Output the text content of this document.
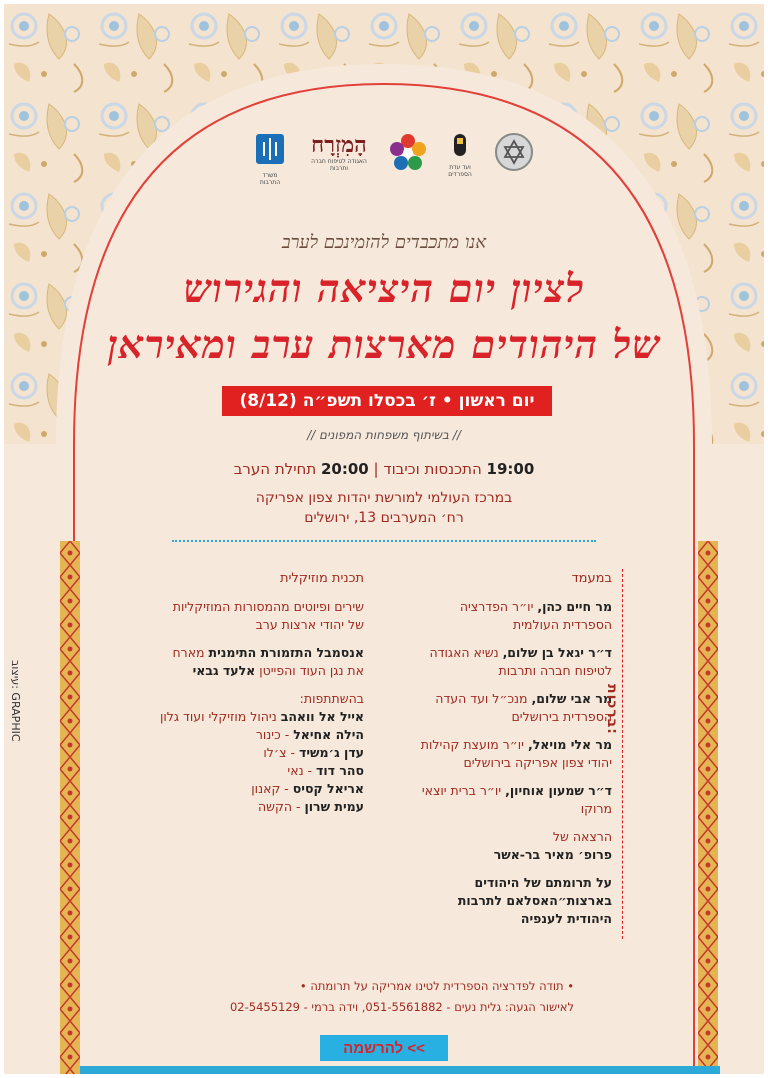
משרד התרבות
הָמִזְרָח
האגודה לטיפוח חברה ותרבות	ועד עדת הספרדים
אנו מתכבדים להזמינכם לערב
לציון יום היציאה והגירוש
של היהודים מארצות ערב ומאיראן
יום ראשון • ז׳ בכסלו תשפ״ה (8/12)
// בשיתוף משפחות המפונים //
19:00 התכנסות וכיבוד | 20:00 תחילת הערב
במרכז העולמי למורשת יהדות צפון אפריקה
רח׳ המערבים 13, ירושלים
במעמד
מר חיים כהן, יו״ר הפדרציה הספרדית העולמית
ד״ר יגאל בן שלום, נשיא האגודה לטיפוח חברה ותרבות
מר אבי שלום, מנכ״ל ועד העדה הספרדית בירושלים
מר אלי מויאל, יו״ר מועצת קהילות יהודי צפון אפריקה בירושלים
ד״ר שמעון אוחיון, יו״ר ברית יוצאי מרוקו
הרצאה של
פרופ׳ מאיר בר-אשר
על תרומתם של היהודים בארצות״האסלאם לתרבות היהודית לענפיה
ברכות:
תכנית מוזיקלית
שירים ופיוטים מהמסורות המוזיקליות של יהודי ארצות ערב
אנסמבל התזמורת התימנית מארח את נגן העוד והפייטן אלעד גבאי
בהשתתפות:
אייל אל וואהב ניהול מוזיקלי ועוד גלון
הילה אחיאל - כינור
עדן ג׳משיד - צ׳לו
סהר דוד - נאי
אריאל קסיס - קאנון
עמית שרון - הקשה
עיצוב: GRAPHIC
• תודה לפדרציה הספרדית לטינו אמריקה על תרומתה •
לאישור הגעה: גלית נעים - 051-5561882, וידה ברמי - 02-5455129
להרשמה <<
